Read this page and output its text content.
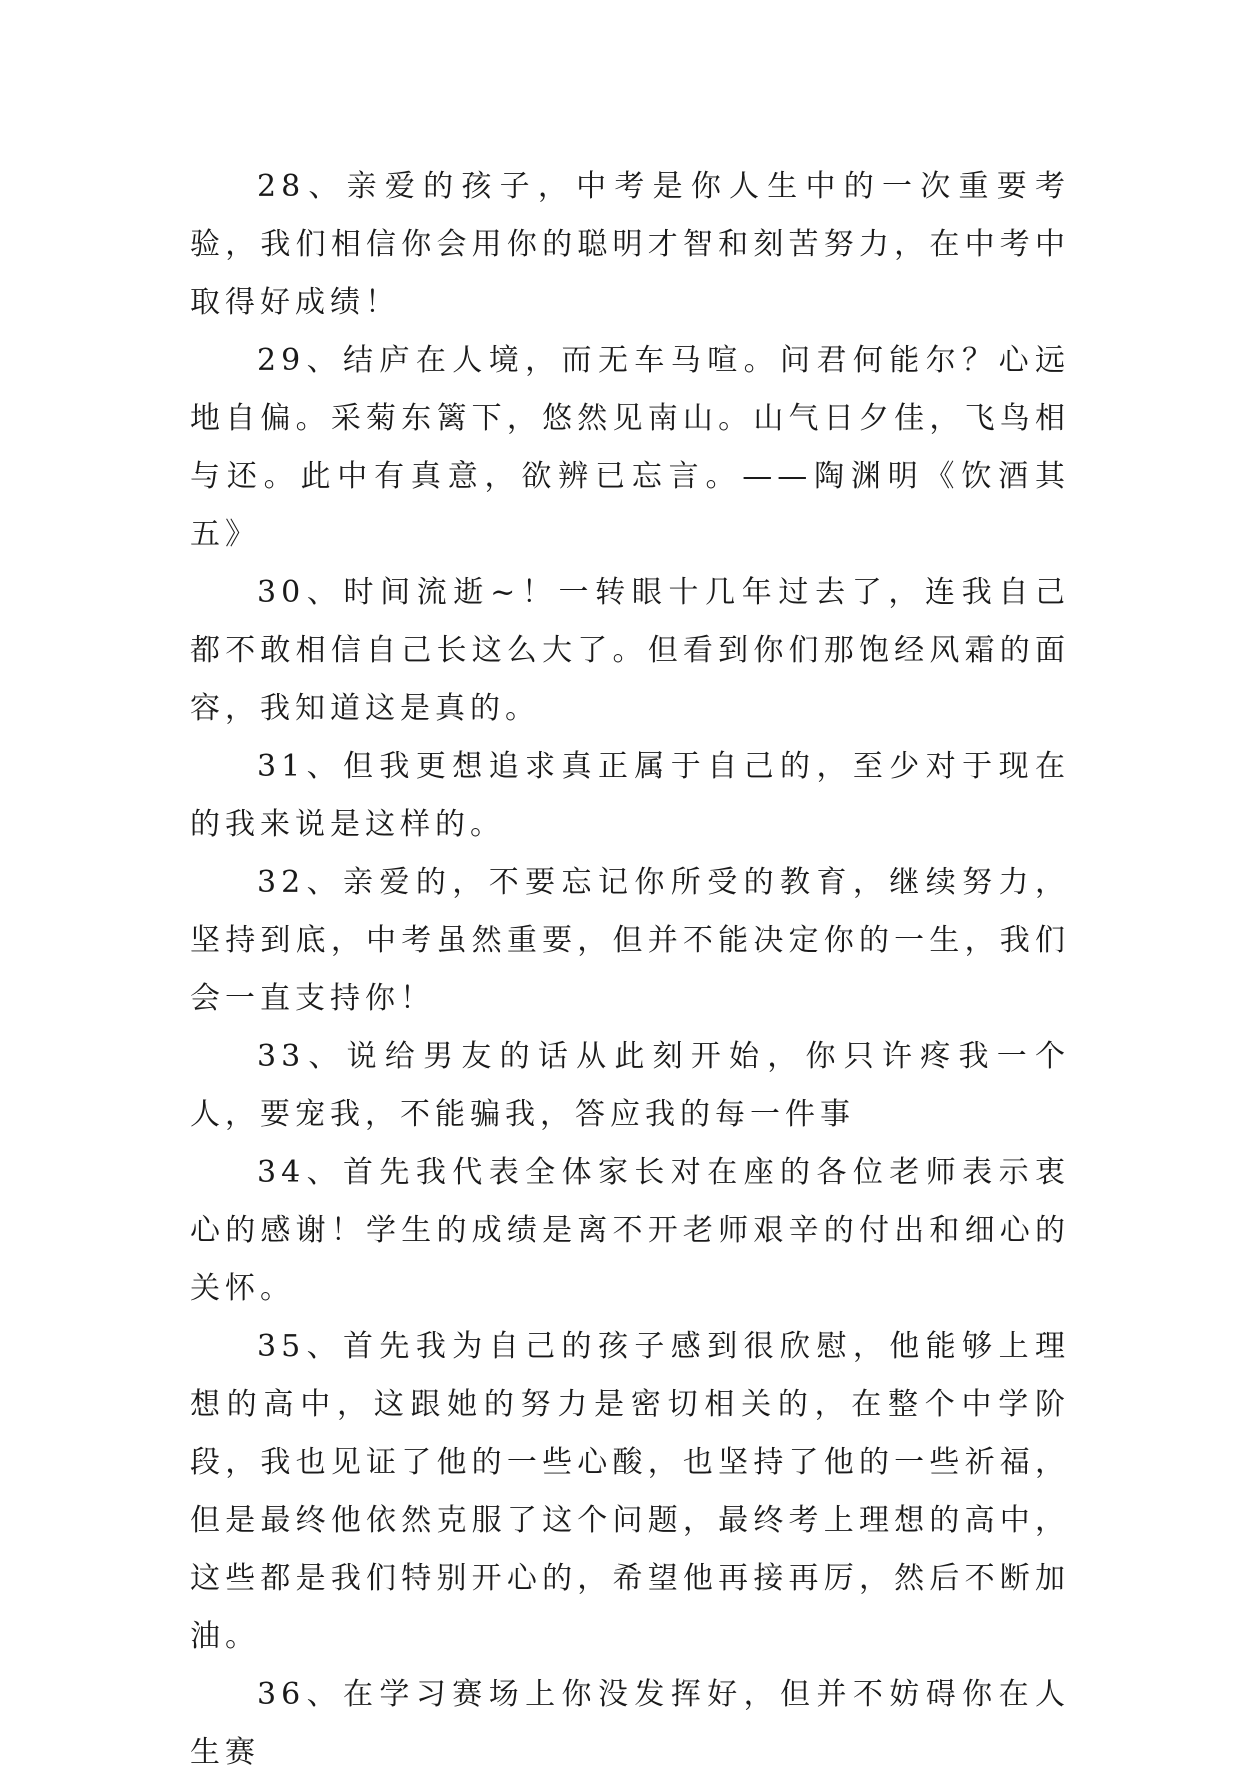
28、亲爱的孩子，中考是你人生中的一次重要考验，我们相信你会用你的聪明才智和刻苦努力，在中考中取得好成绩！

29、结庐在人境，而无车马喧。问君何能尔？心远地自偏。采菊东篱下，悠然见南山。山气日夕佳，飞鸟相与还。此中有真意，欲辨已忘言。——陶渊明《饮酒其五》

30、时间流逝~！一转眼十几年过去了，连我自己都不敢相信自己长这么大了。但看到你们那饱经风霜的面容，我知道这是真的。

31、但我更想追求真正属于自己的，至少对于现在的我来说是这样的。

32、亲爱的，不要忘记你所受的教育，继续努力，坚持到底，中考虽然重要，但并不能决定你的一生，我们会一直支持你！

33、说给男友的话从此刻开始，你只许疼我一个人，要宠我，不能骗我，答应我的每一件事

34、首先我代表全体家长对在座的各位老师表示衷心的感谢！学生的成绩是离不开老师艰辛的付出和细心的关怀。

35、首先我为自己的孩子感到很欣慰，他能够上理想的高中，这跟她的努力是密切相关的，在整个中学阶段，我也见证了他的一些心酸，也坚持了他的一些祈福，但是最终他依然克服了这个问题，最终考上理想的高中，这些都是我们特别开心的，希望他再接再厉，然后不断加油。

36、在学习赛场上你没发挥好，但并不妨碍你在人生赛
